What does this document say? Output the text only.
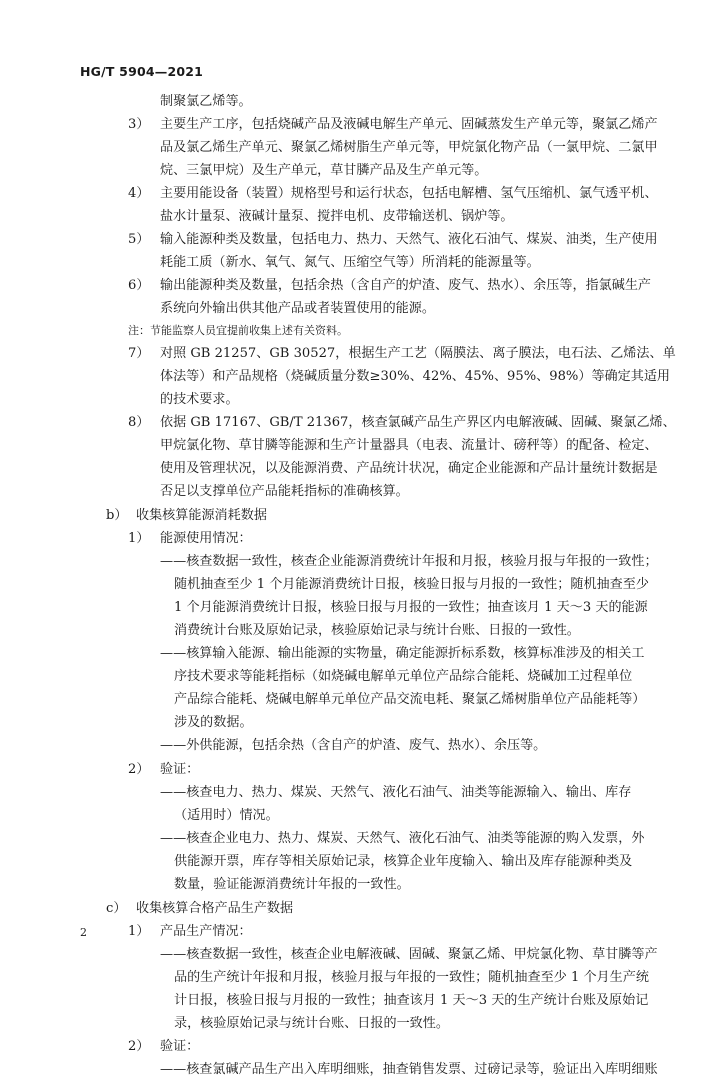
HG/T 5904—2021
制聚氯乙烯等。
3） 主要生产工序，包括烧碱产品及液碱电解生产单元、固碱蒸发生产单元等，聚氯乙烯产
品及氯乙烯生产单元、聚氯乙烯树脂生产单元等，甲烷氯化物产品（一氯甲烷、二氯甲
烷、三氯甲烷）及生产单元，草甘膦产品及生产单元等。
4） 主要用能设备（装置）规格型号和运行状态，包括电解槽、氢气压缩机、氯气透平机、
盐水计量泵、液碱计量泵、搅拌电机、皮带输送机、锅炉等。
5） 输入能源种类及数量，包括电力、热力、天然气、液化石油气、煤炭、油类，生产使用
耗能工质（新水、氧气、氮气、压缩空气等）所消耗的能源量等。
6） 输出能源种类及数量，包括余热（含自产的炉渣、废气、热水）、余压等，指氯碱生产
系统向外输出供其他产品或者装置使用的能源。
注：节能监察人员宜提前收集上述有关资料。
7） 对照 GB 21257、GB 30527，根据生产工艺（隔膜法、离子膜法，电石法、乙烯法、单
体法等）和产品规格（烧碱质量分数≥30%、42%、45%、95%、98%）等确定其适用
的技术要求。
8） 依据 GB 17167、GB/T 21367，核查氯碱产品生产界区内电解液碱、固碱、聚氯乙烯、
甲烷氯化物、草甘膦等能源和生产计量器具（电表、流量计、磅秤等）的配备、检定、
使用及管理状况，以及能源消费、产品统计状况，确定企业能源和产品计量统计数据是
否足以支撑单位产品能耗指标的准确核算。
b） 收集核算能源消耗数据
1） 能源使用情况：
——核查数据一致性，核查企业能源消费统计年报和月报，核验月报与年报的一致性；
随机抽查至少 1 个月能源消费统计日报，核验日报与月报的一致性；随机抽查至少
1 个月能源消费统计日报，核验日报与月报的一致性；抽查该月 1 天～3 天的能源
消费统计台账及原始记录，核验原始记录与统计台账、日报的一致性。
——核算输入能源、输出能源的实物量，确定能源折标系数，核算标准涉及的相关工
序技术要求等能耗指标（如烧碱电解单元单位产品综合能耗、烧碱加工过程单位
产品综合能耗、烧碱电解单元单位产品交流电耗、聚氯乙烯树脂单位产品能耗等）
涉及的数据。
——外供能源，包括余热（含自产的炉渣、废气、热水）、余压等。
2） 验证：
——核查电力、热力、煤炭、天然气、液化石油气、油类等能源输入、输出、库存
（适用时）情况。
——核查企业电力、热力、煤炭、天然气、液化石油气、油类等能源的购入发票，外
供能源开票，库存等相关原始记录，核算企业年度输入、输出及库存能源种类及
数量，验证能源消费统计年报的一致性。
c） 收集核算合格产品生产数据
1） 产品生产情况：
——核查数据一致性，核查企业电解液碱、固碱、聚氯乙烯、甲烷氯化物、草甘膦等产
品的生产统计年报和月报，核验月报与年报的一致性；随机抽查至少 1 个月生产统
计日报，核验日报与月报的一致性；抽查该月 1 天～3 天的生产统计台账及原始记
录，核验原始记录与统计台账、日报的一致性。
2） 验证：
——核查氯碱产品生产出入库明细账，抽查销售发票、过磅记录等，验证出入库明细账
2
